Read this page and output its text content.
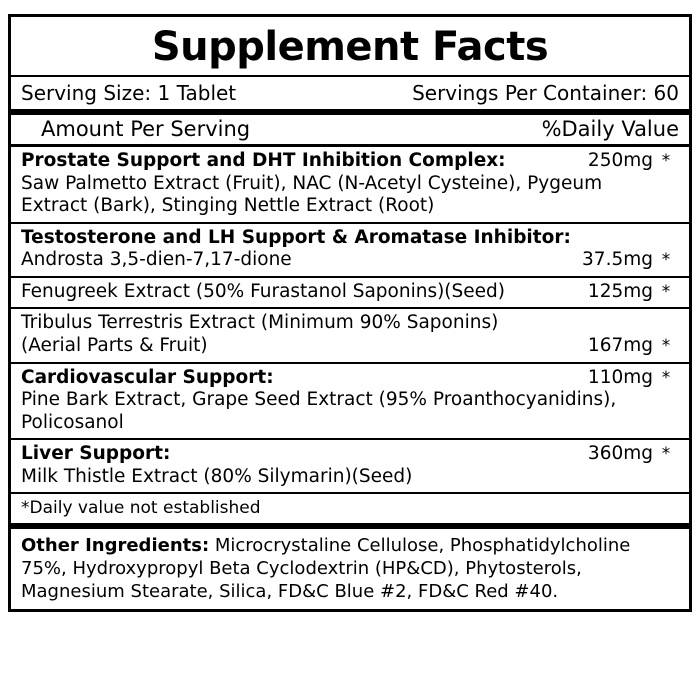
Supplement Facts
Serving Size: 1 Tablet	Servings Per Container: 60
Amount Per Serving	%Daily Value
Prostate Support and DHT Inhibition Complex:	250mg *
Saw Palmetto Extract (Fruit), NAC (N-Acetyl Cysteine), Pygeum
Extract (Bark), Stinging Nettle Extract (Root)
Testosterone and LH Support & Aromatase Inhibitor:
Androsta 3,5-dien-7,17-dione	37.5mg *
Fenugreek Extract (50% Furastanol Saponins)(Seed)	125mg *
Tribulus Terrestris Extract (Minimum 90% Saponins)
(Aerial Parts & Fruit)	167mg *
Cardiovascular Support:	110mg *
Pine Bark Extract, Grape Seed Extract (95% Proanthocyanidins),
Policosanol
Liver Support:	360mg *
Milk Thistle Extract (80% Silymarin)(Seed)
*Daily value not established
Other Ingredients: Microcrystaline Cellulose, Phosphatidylcholine 75%, Hydroxypropyl Beta Cyclodextrin (HP&CD), Phytosterols, Magnesium Stearate, Silica, FD&C Blue #2, FD&C Red #40.
